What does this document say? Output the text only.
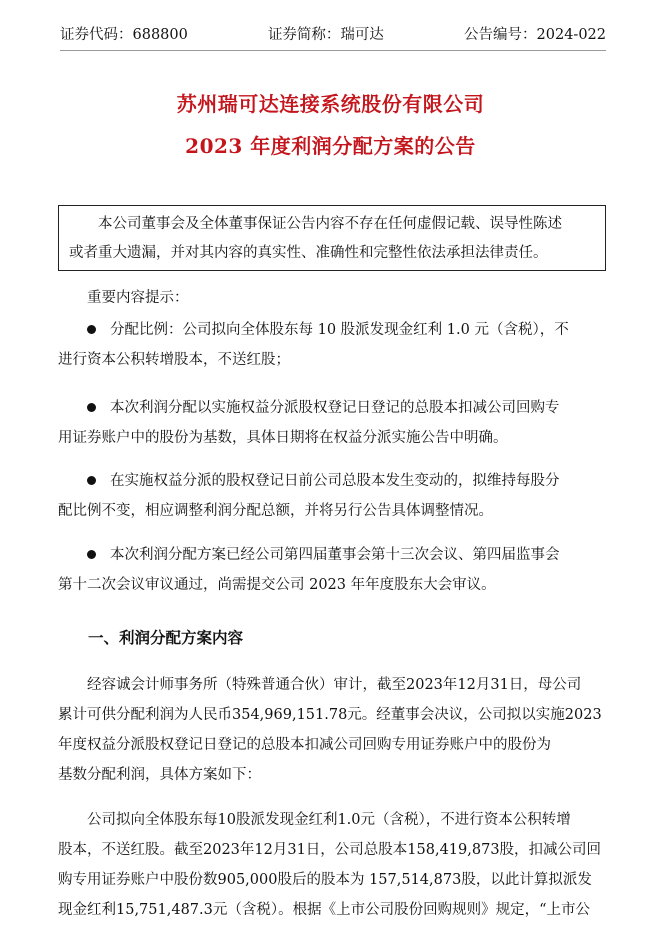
证券代码：688800	证券简称：瑞可达	公告编号：2024-022
苏州瑞可达连接系统股份有限公司
2023 年度利润分配方案的公告

本公司董事会及全体董事保证公告内容不存在任何虚假记载、误导性陈述

或者重大遗漏，并对其内容的真实性、准确性和完整性依法承担法律责任。

重要内容提示：

分配比例：公司拟向全体股东每 10 股派发现金红利 1.0 元（含税），不
进行资本公积转增股本，不送红股；

本次利润分配以实施权益分派股权登记日登记的总股本扣减公司回购专
用证券账户中的股份为基数，具体日期将在权益分派实施公告中明确。

在实施权益分派的股权登记日前公司总股本发生变动的，拟维持每股分
配比例不变，相应调整利润分配总额，并将另行公告具体调整情况。

本次利润分配方案已经公司第四届董事会第十三次会议、第四届监事会
第十二次会议审议通过，尚需提交公司 2023 年年度股东大会审议。

一、利润分配方案内容

经容诚会计师事务所（特殊普通合伙）审计，截至2023年12月31日，母公司
累计可供分配利润为人民币354,969,151.78元。经董事会决议，公司拟以实施2023
年度权益分派股权登记日登记的总股本扣减公司回购专用证券账户中的股份为
基数分配利润，具体方案如下：

公司拟向全体股东每10股派发现金红利1.0元（含税），不进行资本公积转增
股本，不送红股。截至2023年12月31日，公司总股本158,419,873股，扣减公司回
购专用证券账户中股份数905,000股后的股本为 157,514,873股，以此计算拟派发
现金红利15,751,487.3元（含税）。根据《上市公司股份回购规则》规定，“上市公
